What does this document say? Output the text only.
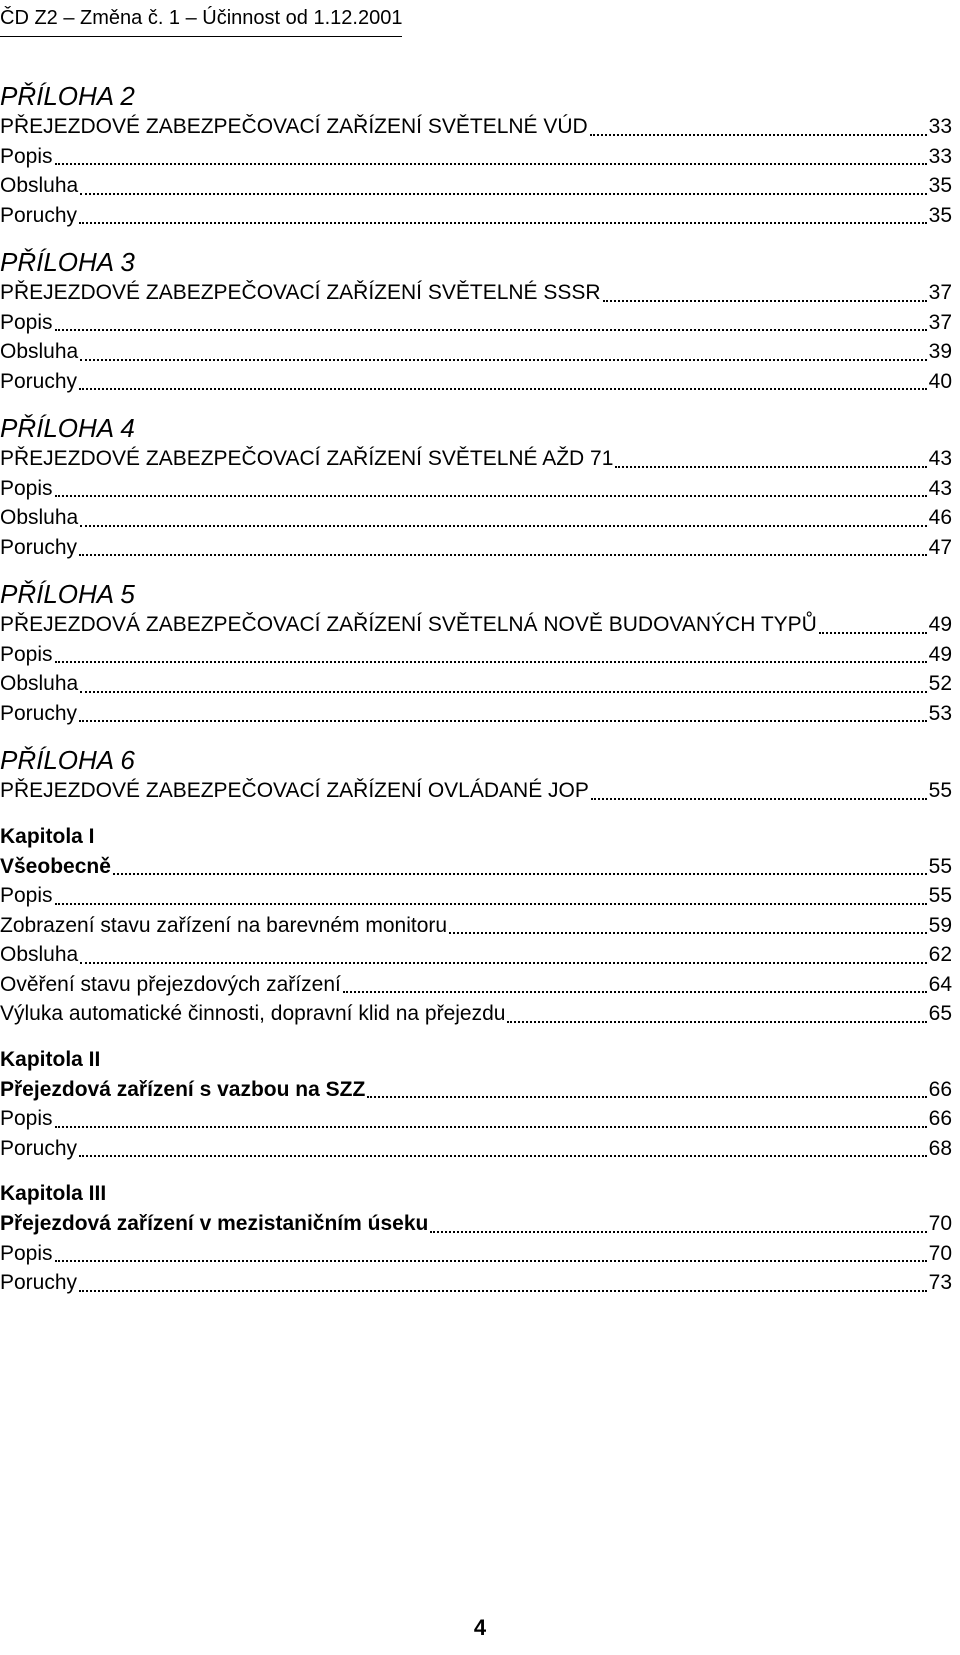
ČD Z2 – Změna č. 1 – Účinnost od 1.12.2001
PŘÍLOHA 2
PŘEJEZDOVÉ ZABEZPEČOVACÍ ZAŘÍZENÍ SVĚTELNÉ VÚD	33
Popis	33
Obsluha	35
Poruchy	35
PŘÍLOHA 3
PŘEJEZDOVÉ ZABEZPEČOVACÍ ZAŘÍZENÍ SVĚTELNÉ SSSR	37
Popis	37
Obsluha	39
Poruchy	40
PŘÍLOHA 4
PŘEJEZDOVÉ ZABEZPEČOVACÍ ZAŘÍZENÍ SVĚTELNÉ AŽD 71	43
Popis	43
Obsluha	46
Poruchy	47
PŘÍLOHA 5
PŘEJEZDOVÁ ZABEZPEČOVACÍ ZAŘÍZENÍ SVĚTELNÁ NOVĚ BUDOVANÝCH TYPŮ	49
Popis	49
Obsluha	52
Poruchy	53
PŘÍLOHA 6
PŘEJEZDOVÉ ZABEZPEČOVACÍ ZAŘÍZENÍ OVLÁDANÉ JOP	55
Kapitola I
Všeobecně	55
Popis	55
Zobrazení stavu zařízení na barevném monitoru	59
Obsluha	62
Ověření stavu přejezdových zařízení	64
Výluka automatické činnosti, dopravní klid na přejezdu	65
Kapitola II
Přejezdová zařízení s vazbou na SZZ	66
Popis	66
Poruchy	68
Kapitola III
Přejezdová zařízení v mezistaničním úseku	70
Popis	70
Poruchy	73
4
